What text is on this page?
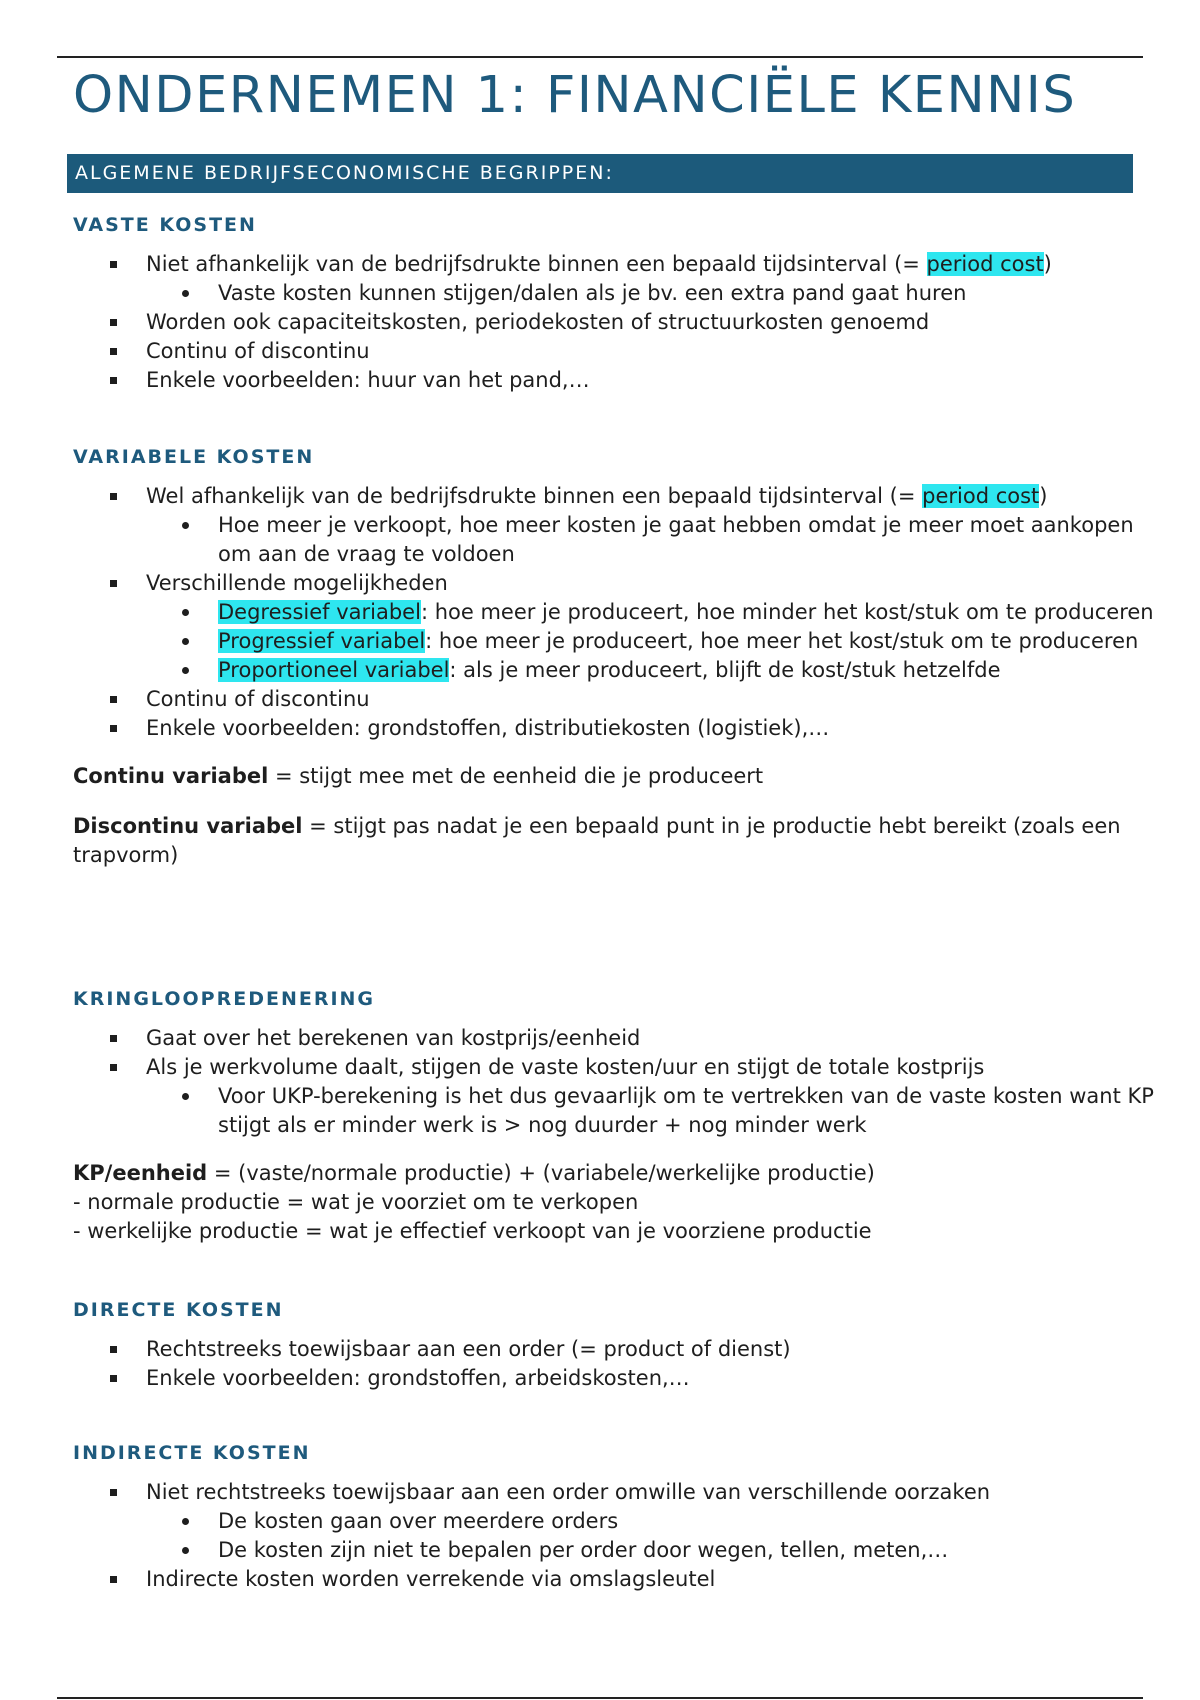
ONDERNEMEN 1: FINANCIËLE KENNIS
ALGEMENE BEDRIJFSECONOMISCHE BEGRIPPEN:
VASTE KOSTEN
Niet afhankelijk van de bedrijfsdrukte binnen een bepaald tijdsinterval (= period cost)
Vaste kosten kunnen stijgen/dalen als je bv. een extra pand gaat huren
Worden ook capaciteitskosten, periodekosten of structuurkosten genoemd
Continu of discontinu
Enkele voorbeelden: huur van het pand,…
VARIABELE KOSTEN
Wel afhankelijk van de bedrijfsdrukte binnen een bepaald tijdsinterval (= period cost)
Hoe meer je verkoopt, hoe meer kosten je gaat hebben omdat je meer moet aankopen om aan de vraag te voldoen
Verschillende mogelijkheden
Degressief variabel: hoe meer je produceert, hoe minder het kost/stuk om te produceren
Progressief variabel: hoe meer je produceert, hoe meer het kost/stuk om te produceren
Proportioneel variabel: als je meer produceert, blijft de kost/stuk hetzelfde
Continu of discontinu
Enkele voorbeelden: grondstoffen, distributiekosten (logistiek),…

Continu variabel = stijgt mee met de eenheid die je produceert

Discontinu variabel = stijgt pas nadat je een bepaald punt in je productie hebt bereikt (zoals een trapvorm)

KRINGLOOPREDENERING
Gaat over het berekenen van kostprijs/eenheid
Als je werkvolume daalt, stijgen de vaste kosten/uur en stijgt de totale kostprijs
Voor UKP-berekening is het dus gevaarlijk om te vertrekken van de vaste kosten want KP stijgt als er minder werk is > nog duurder + nog minder werk

KP/eenheid = (vaste/normale productie) + (variabele/werkelijke productie)

- normale productie = wat je voorziet om te verkopen

- werkelijke productie = wat je effectief verkoopt van je voorziene productie

DIRECTE KOSTEN
Rechtstreeks toewijsbaar aan een order (= product of dienst)
Enkele voorbeelden: grondstoffen, arbeidskosten,…
INDIRECTE KOSTEN
Niet rechtstreeks toewijsbaar aan een order omwille van verschillende oorzaken
De kosten gaan over meerdere orders
De kosten zijn niet te bepalen per order door wegen, tellen, meten,…
Indirecte kosten worden verrekende via omslagsleutel
